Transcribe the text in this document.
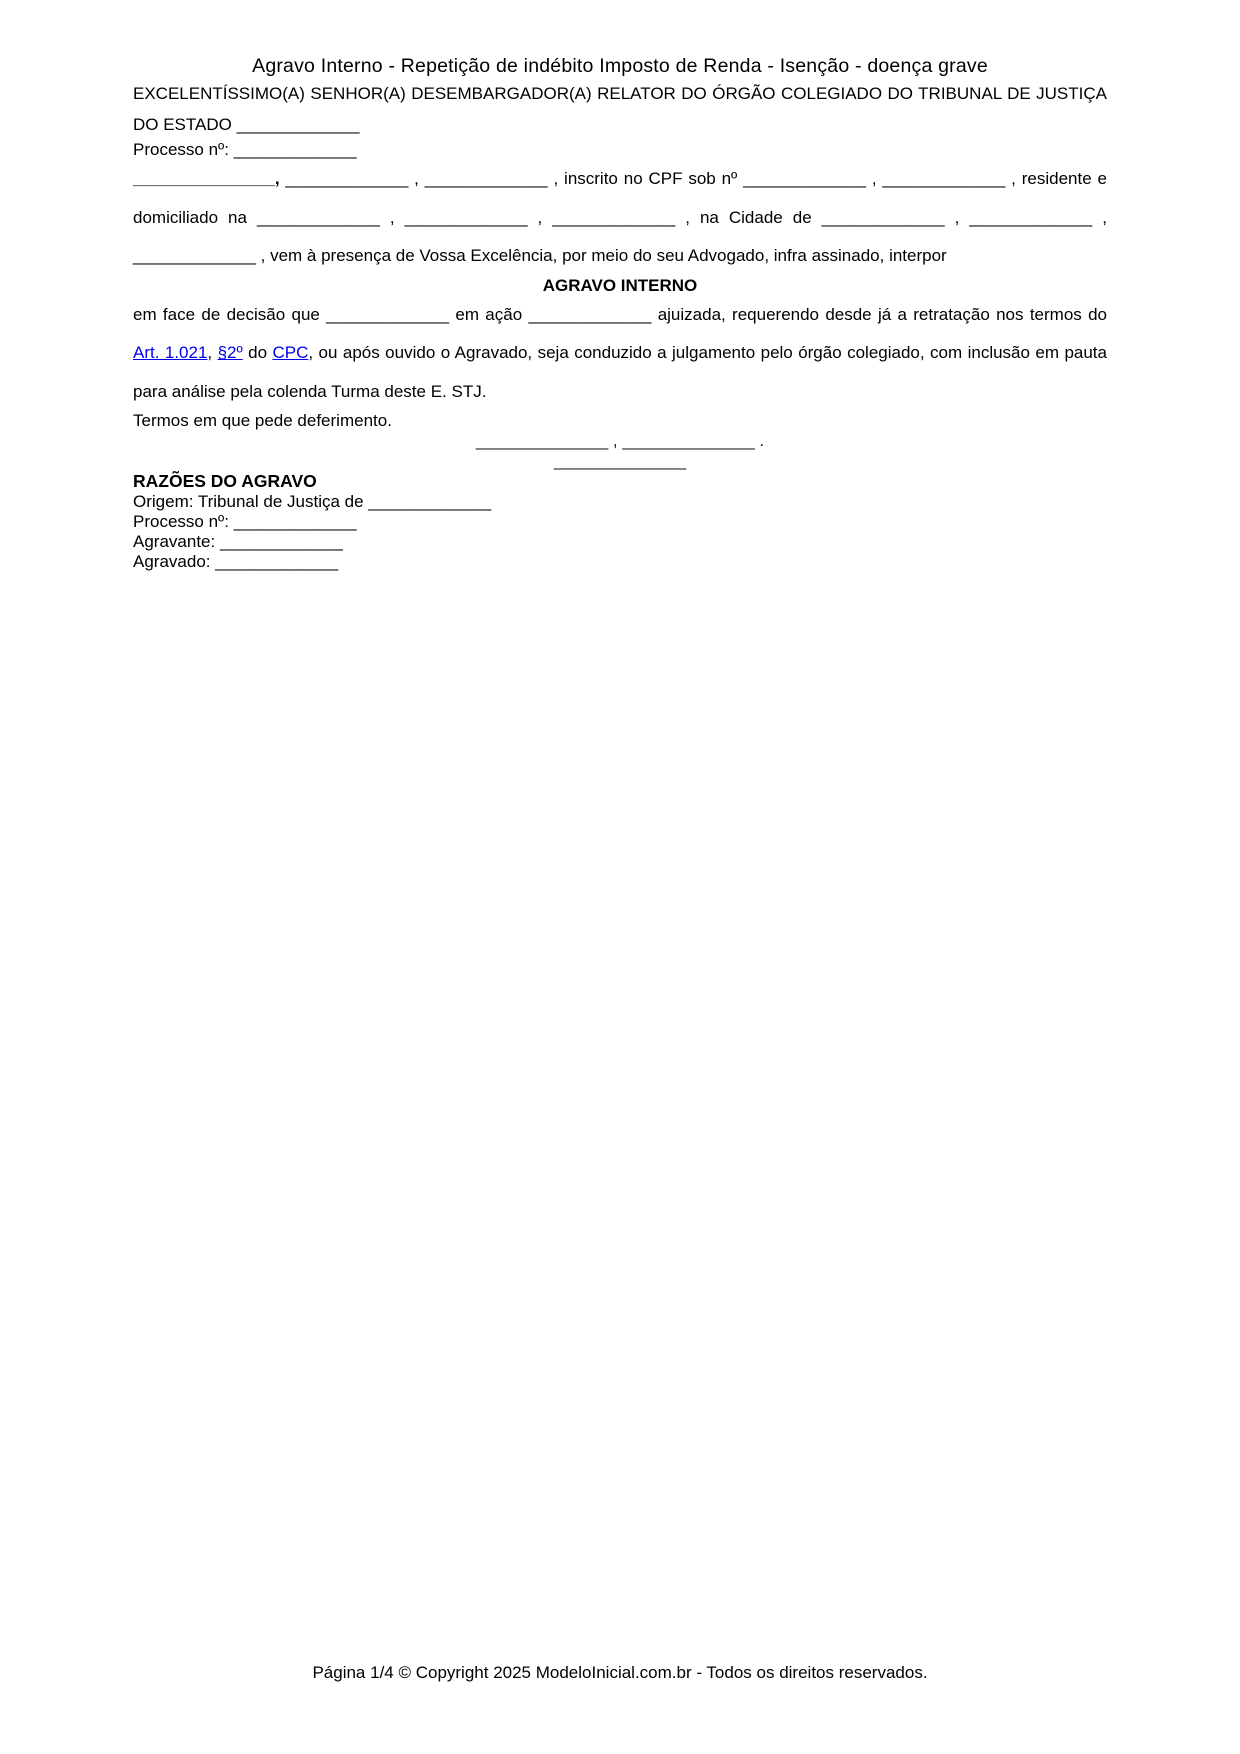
Agravo Interno - Repetição de indébito Imposto de Renda - Isenção - doença grave

EXCELENTÍSSIMO(A) SENHOR(A) DESEMBARGADOR(A) RELATOR DO ÓRGÃO COLEGIADO DO TRIBUNAL DE JUSTIÇA DO ESTADO _____________

Processo nº: _____________

_______________, _____________ , _____________ , inscrito no CPF sob nº _____________ , _____________ , residente e domiciliado na _____________ , _____________ , _____________ , na Cidade de _____________ , _____________ , _____________ , vem à presença de Vossa Excelência, por meio do seu Advogado, infra assinado, interpor

AGRAVO INTERNO

em face de decisão que _____________ em ação _____________ ajuizada, requerendo desde já a retratação nos termos do Art. 1.021, §2º do CPC, ou após ouvido o Agravado, seja conduzido a julgamento pelo órgão colegiado, com inclusão em pauta para análise pela colenda Turma deste E. STJ.

Termos em que pede deferimento.

______________ , ______________ .

______________

RAZÕES DO AGRAVO

Origem: Tribunal de Justiça de _____________

Processo nº: _____________

Agravante: _____________

Agravado: _____________

Página 1/4 © Copyright 2025 ModeloInicial.com.br - Todos os direitos reservados.
